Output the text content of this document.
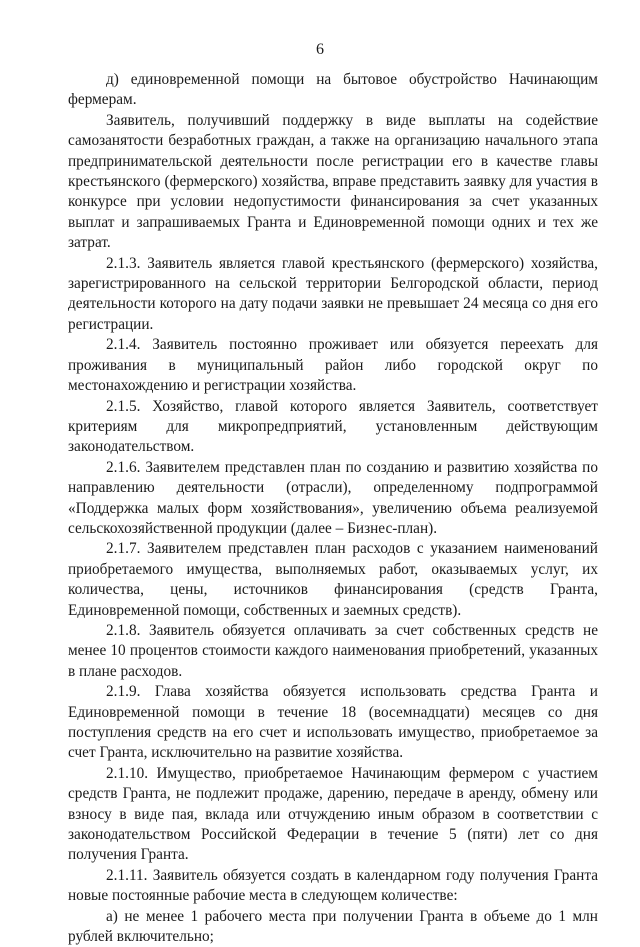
6

д) единовременной помощи на бытовое обустройство Начинающим фермерам.

Заявитель, получивший поддержку в виде выплаты на содействие самозанятости безработных граждан, а также на организацию начального этапа предпринимательской деятельности после регистрации его в качестве главы крестьянского (фермерского) хозяйства, вправе представить заявку для участия в конкурсе при условии недопустимости финансирования за счет указанных выплат и запрашиваемых Гранта и Единовременной помощи одних и тех же затрат.

2.1.3. Заявитель является главой крестьянского (фермерского) хозяйства, зарегистрированного на сельской территории Белгородской области, период деятельности которого на дату подачи заявки не превышает 24 месяца со дня его регистрации.

2.1.4. Заявитель постоянно проживает или обязуется переехать для проживания в муниципальный район либо городской округ по местонахождению и регистрации хозяйства.

2.1.5. Хозяйство, главой которого является Заявитель, соответствует критериям для микропредприятий, установленным действующим законодательством.

2.1.6. Заявителем представлен план по созданию и развитию хозяйства по направлению деятельности (отрасли), определенному подпрограммой «Поддержка малых форм хозяйствования», увеличению объема реализуемой сельскохозяйственной продукции (далее – Бизнес-план).

2.1.7. Заявителем представлен план расходов с указанием наименований приобретаемого имущества, выполняемых работ, оказываемых услуг, их количества, цены, источников финансирования (средств Гранта, Единовременной помощи, собственных и заемных средств).

2.1.8. Заявитель обязуется оплачивать за счет собственных средств не менее 10 процентов стоимости каждого наименования приобретений, указанных в плане расходов.

2.1.9. Глава хозяйства обязуется использовать средства Гранта и Единовременной помощи в течение 18 (восемнадцати) месяцев со дня поступления средств на его счет и использовать имущество, приобретаемое за счет Гранта, исключительно на развитие хозяйства.

2.1.10. Имущество, приобретаемое Начинающим фермером с участием средств Гранта, не подлежит продаже, дарению, передаче в аренду, обмену или взносу в виде пая, вклада или отчуждению иным образом в соответствии с законодательством Российской Федерации в течение 5 (пяти) лет со дня получения Гранта.

2.1.11. Заявитель обязуется создать в календарном году получения Гранта новые постоянные рабочие места в следующем количестве:

а) не менее 1 рабочего места при получении Гранта в объеме до 1 млн рублей включительно;
